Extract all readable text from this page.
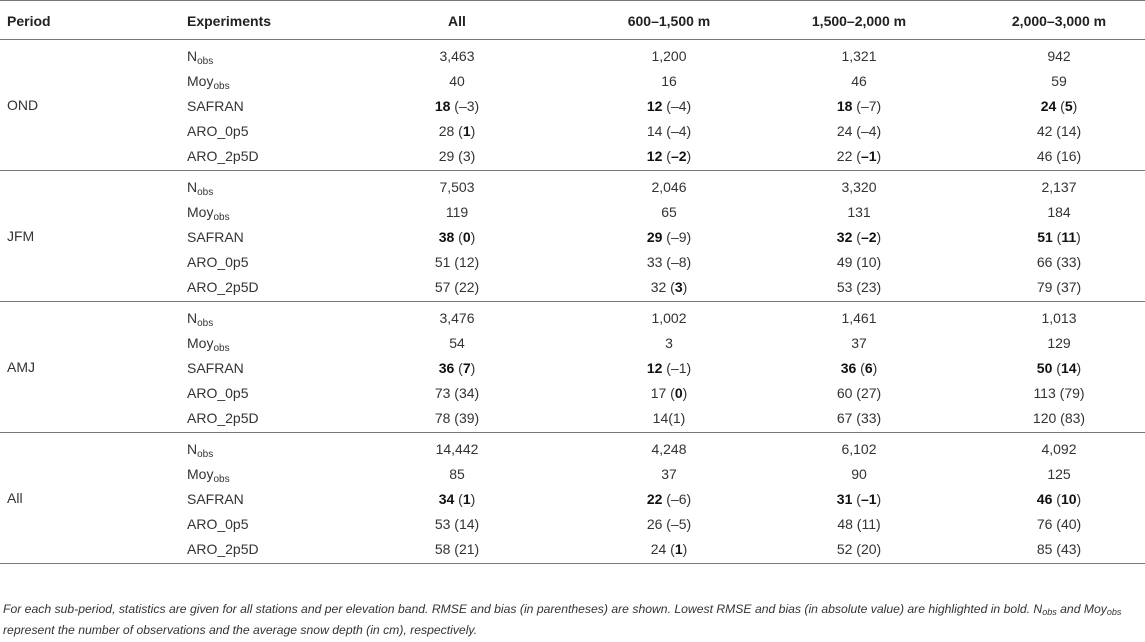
Period	Experiments	All	600–1,500 m	1,500–2,000 m	2,000–3,000 m
OND
$N_{obs}$	3,463	1,200	1,321	942
Moy$_{obs}$	40	16	46	59
SAFRAN	18 (–3)	12 (–4)	18 (–7)	24 (5)
ARO_0p5	28 (1)	14 (–4)	24 (–4)	42 (14)
ARO_2p5D	29 (3)	12 (–2)	22 (–1)	46 (16)
JFM
$N_{obs}$	7,503	2,046	3,320	2,137
Moy$_{obs}$	119	65	131	184
SAFRAN	38 (0)	29 (–9)	32 (–2)	51 (11)
ARO_0p5	51 (12)	33 (–8)	49 (10)	66 (33)
ARO_2p5D	57 (22)	32 (3)	53 (23)	79 (37)
AMJ
$N_{obs}$	3,476	1,002	1,461	1,013
Moy$_{obs}$	54	3	37	129
SAFRAN	36 (7)	12 (–1)	36 (6)	50 (14)
ARO_0p5	73 (34)	17 (0)	60 (27)	113 (79)
ARO_2p5D	78 (39)	14(1)	67 (33)	120 (83)
All
$N_{obs}$	14,442	4,248	6,102	4,092
Moy$_{obs}$	85	37	90	125
SAFRAN	34 (1)	22 (–6)	31 (–1)	46 (10)
ARO_0p5	53 (14)	26 (–5)	48 (11)	76 (40)
ARO_2p5D	58 (21)	24 (1)	52 (20)	85 (43)
For each sub-period, statistics are given for all stations and per elevation band. RMSE and bias (in parentheses) are shown. Lowest RMSE and bias (in absolute value) are highlighted in bold. $N_{obs}$ and Moy$_{obs}$ represent the number of observations and the average snow depth (in cm), respectively.
